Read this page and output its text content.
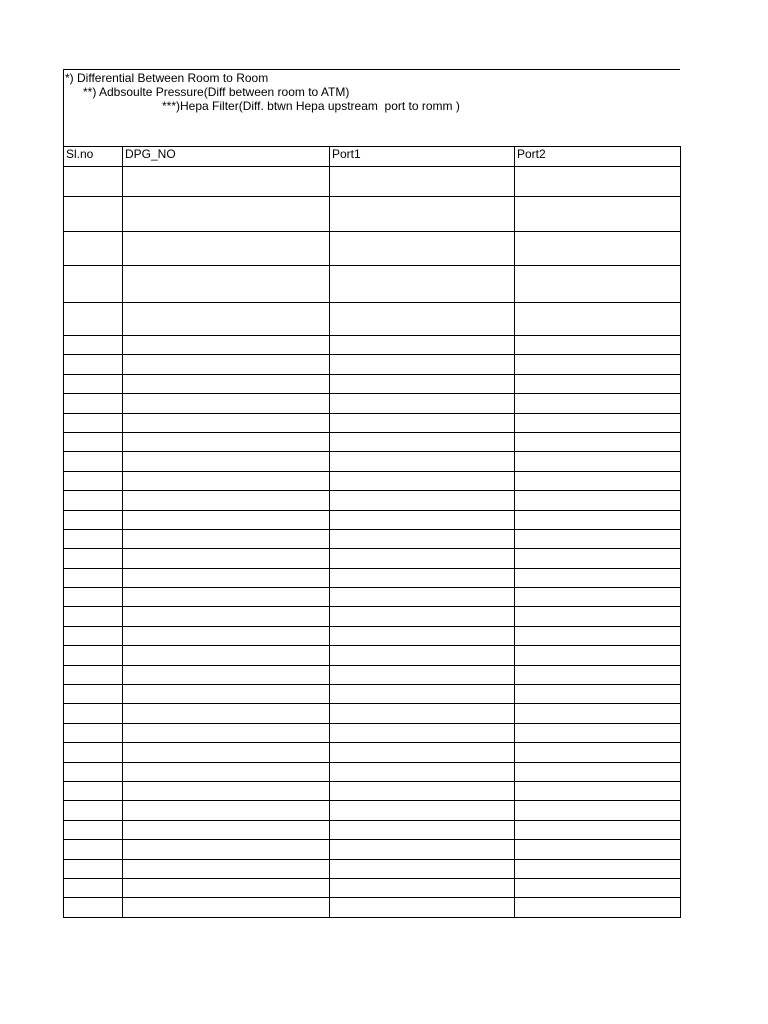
*) Differential Between Room to Room
**) Adbsoulte Pressure(Diff between room to ATM)
***)Hepa Filter(Diff. btwn Hepa upstream  port to romm )
Sl.no	DPG_NO	Port1	Port2
